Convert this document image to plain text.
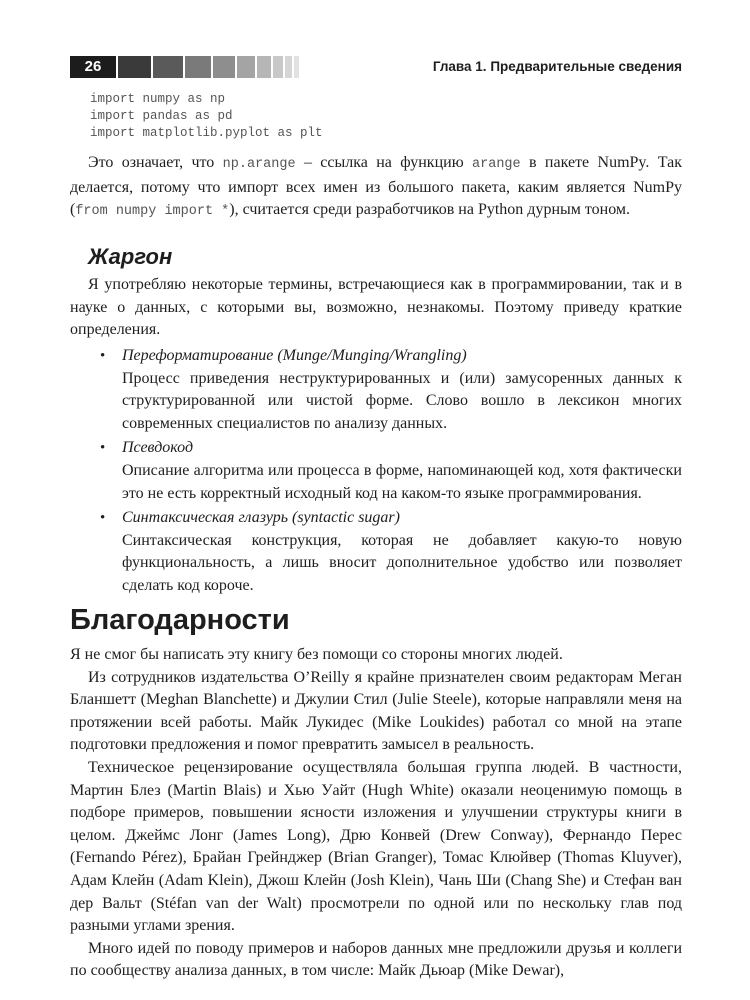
26	Глава 1. Предварительные сведения
import numpy as np
import pandas as pd
import matplotlib.pyplot as plt

Это означает, что np.arange – ссылка на функцию arange в пакете NumPy. Так делается, потому что импорт всех имен из большого пакета, каким является NumPy (from numpy import *), считается среди разработчиков на Python дурным тоном.

Жаргон

Я употребляю некоторые термины, встречающиеся как в программировании, так и в науке о данных, с которыми вы, возможно, незнакомы. Поэтому приведу краткие определения.

• Переформатирование (Munge/Munging/Wrangling)
Процесс приведения неструктурированных и (или) замусоренных данных к структурированной или чистой форме. Слово вошло в лексикон многих современных специалистов по анализу данных.
• Псевдокод
Описание алгоритма или процесса в форме, напоминающей код, хотя фактически это не есть корректный исходный код на каком-то языке программирования.
• Синтаксическая глазурь (syntactic sugar)
Синтаксическая конструкция, которая не добавляет какую-то новую функциональность, а лишь вносит дополнительное удобство или позволяет сделать код короче.
Благодарности

Я не смог бы написать эту книгу без помощи со стороны многих людей.

Из сотрудников издательства O’Reilly я крайне признателен своим редакторам Меган Бланшетт (Meghan Blanchette) и Джулии Стил (Julie Steele), которые направляли меня на протяжении всей работы. Майк Лукидес (Mike Loukides) работал со мной на этапе подготовки предложения и помог превратить замысел в реальность.

Техническое рецензирование осуществляла большая группа людей. В частности, Мартин Блез (Martin Blais) и Хью Уайт (Hugh White) оказали неоценимую помощь в подборе примеров, повышении ясности изложения и улучшении структуры книги в целом. Джеймс Лонг (James Long), Дрю Конвей (Drew Conway), Фернандо Перес (Fernando Pérez), Брайан Грейнджер (Brian Granger), Томас Клюйвер (Thomas Kluyver), Адам Клейн (Adam Klein), Джош Клейн (Josh Klein), Чань Ши (Chang She) и Стефан ван дер Вальт (Stéfan van der Walt) просмотрели по одной или по нескольку глав под разными углами зрения.

Много идей по поводу примеров и наборов данных мне предложили друзья и коллеги по сообществу анализа данных, в том числе: Майк Дьюар (Mike Dewar),
